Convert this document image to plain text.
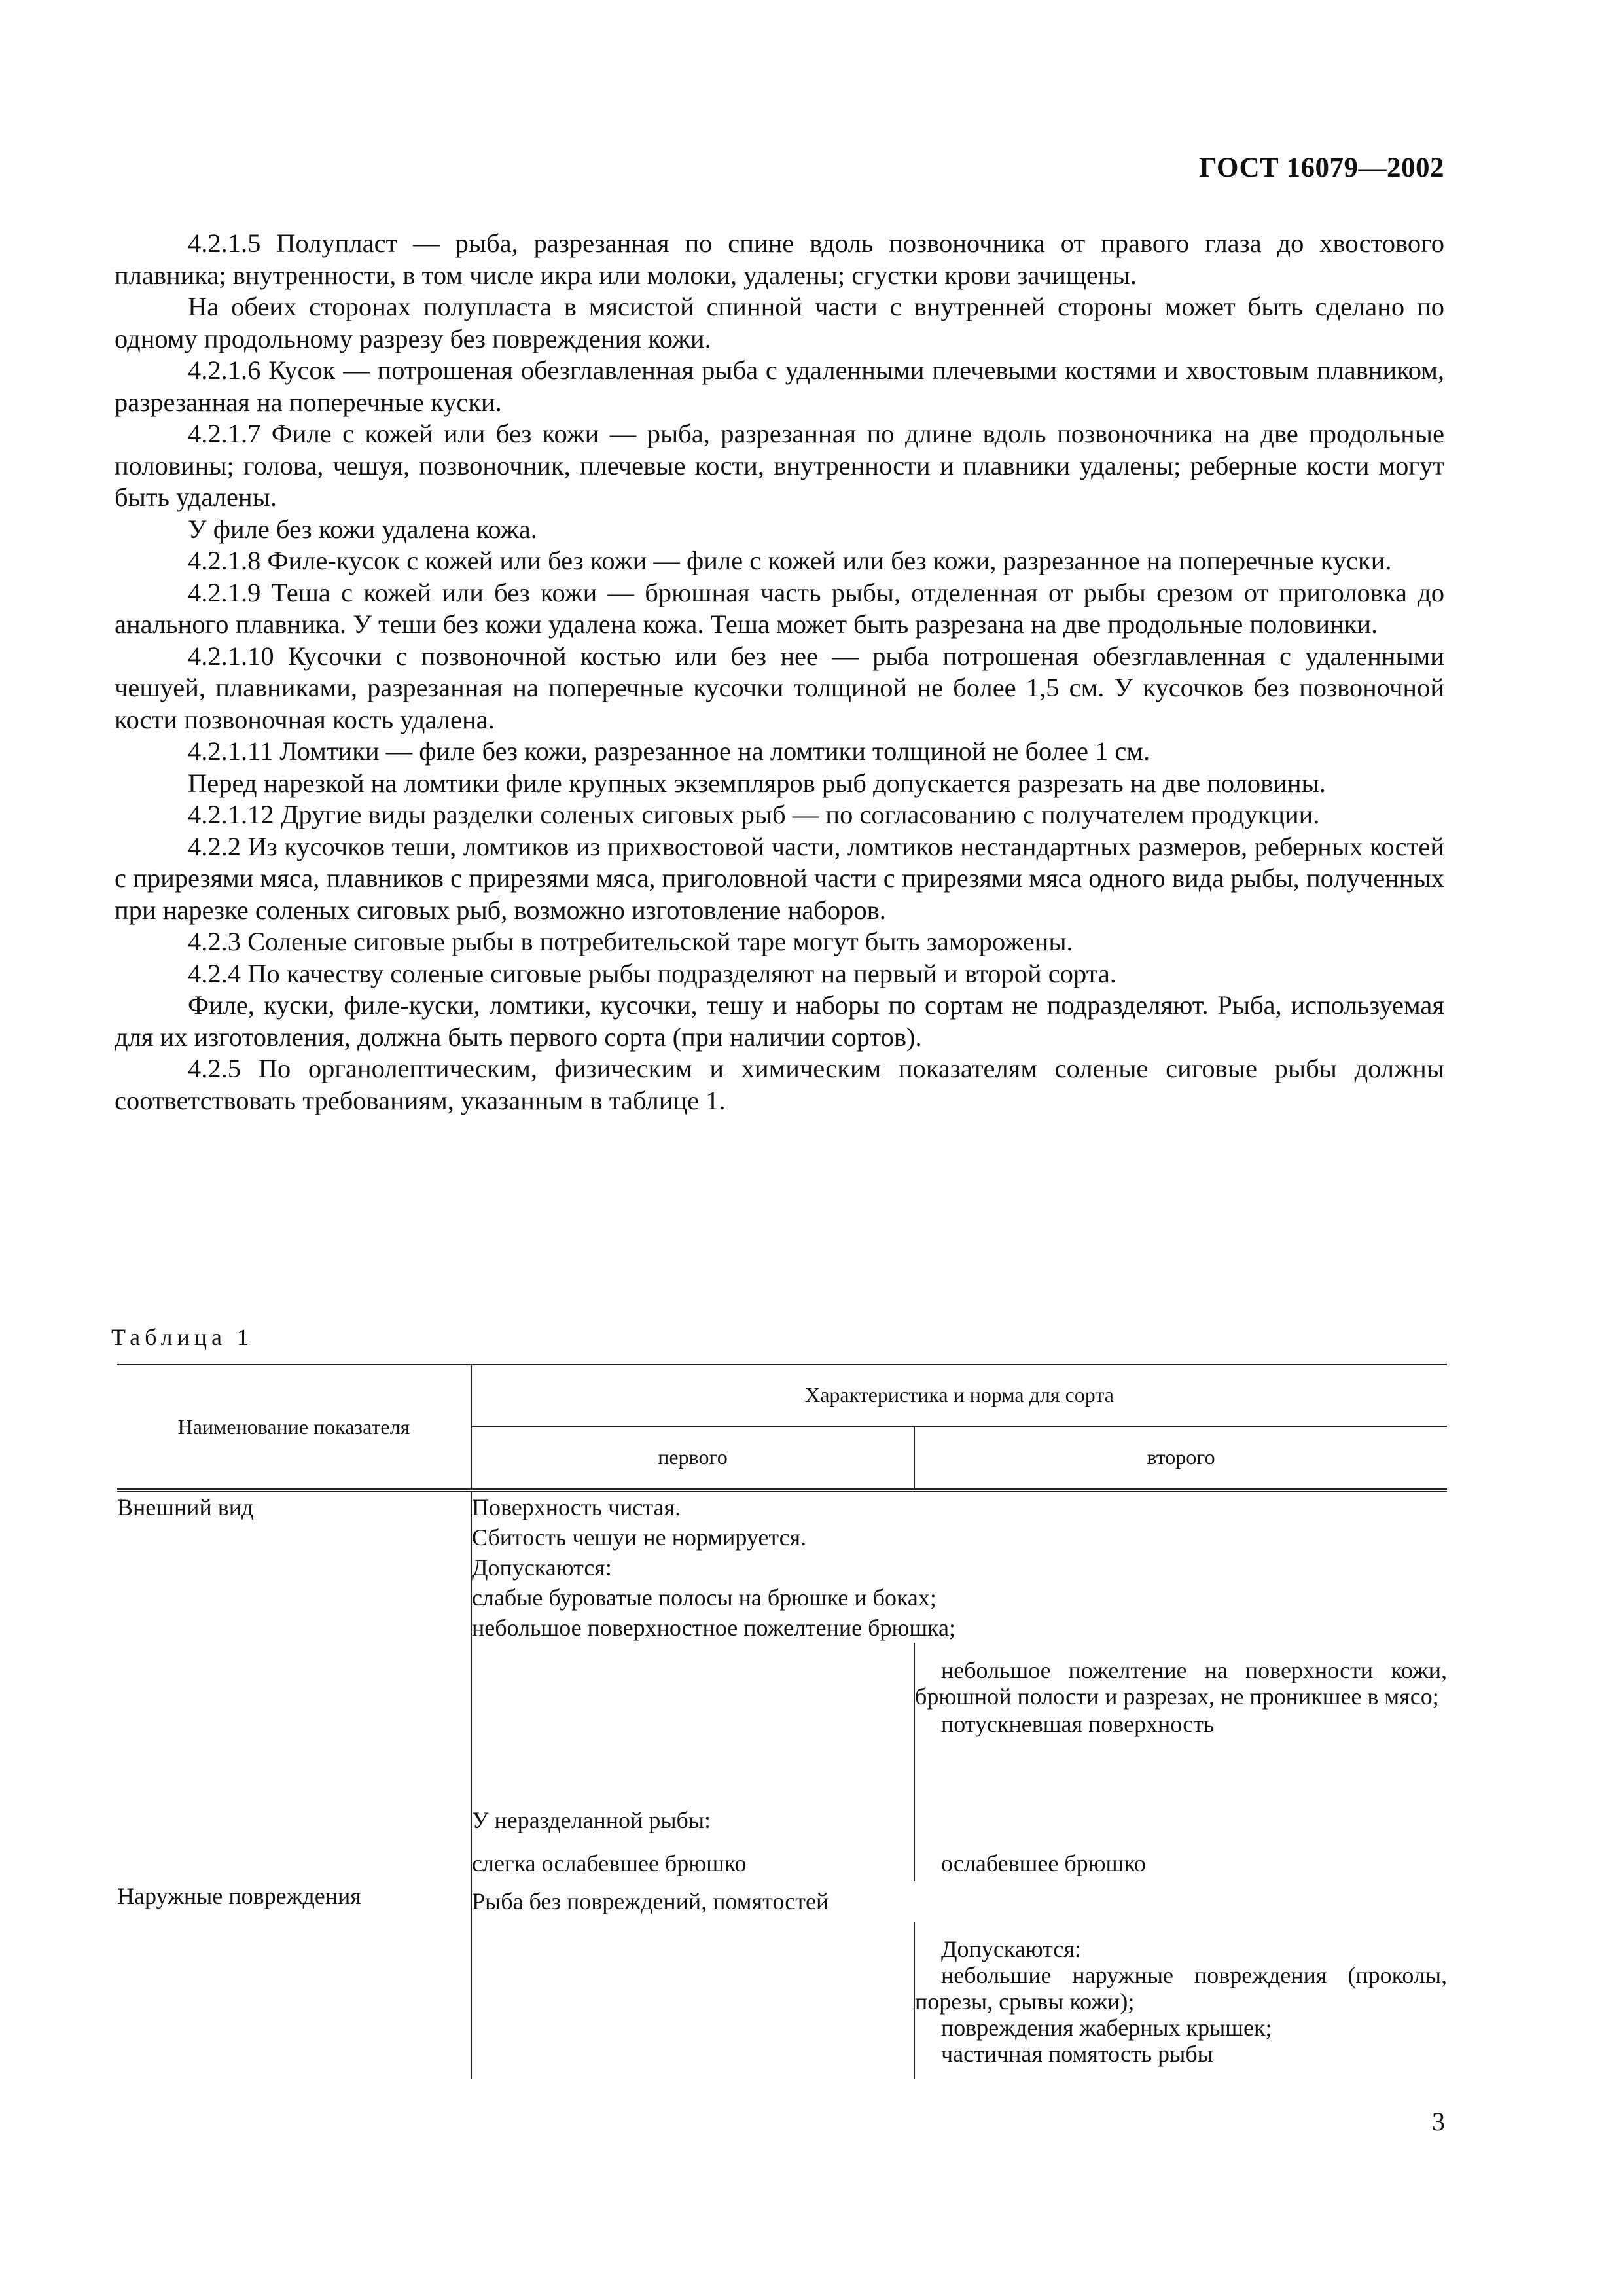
ГОСТ 16079—2002

4.2.1.5 Полупласт — рыба, разрезанная по спине вдоль позвоночника от правого глаза до хвостового плавника; внутренности, в том числе икра или молоки, удалены; сгустки крови зачищены.

На обеих сторонах полупласта в мясистой спинной части с внутренней стороны может быть сделано по одному продольному разрезу без повреждения кожи.

4.2.1.6 Кусок — потрошеная обезглавленная рыба с удаленными плечевыми костями и хвостовым плавником, разрезанная на поперечные куски.

4.2.1.7 Филе с кожей или без кожи — рыба, разрезанная по длине вдоль позвоночника на две продольные половины; голова, чешуя, позвоночник, плечевые кости, внутренности и плавники удалены; реберные кости могут быть удалены.

У филе без кожи удалена кожа.

4.2.1.8 Филе-кусок с кожей или без кожи — филе с кожей или без кожи, разрезанное на поперечные куски.

4.2.1.9 Теша с кожей или без кожи — брюшная часть рыбы, отделенная от рыбы срезом от приголовка до анального плавника. У теши без кожи удалена кожа. Теша может быть разрезана на две продольные половинки.

4.2.1.10 Кусочки с позвоночной костью или без нее — рыба потрошеная обезглавленная с удаленными чешуей, плавниками, разрезанная на поперечные кусочки толщиной не более 1,5 см. У кусочков без позвоночной кости позвоночная кость удалена.

4.2.1.11 Ломтики — филе без кожи, разрезанное на ломтики толщиной не более 1 см.

Перед нарезкой на ломтики филе крупных экземпляров рыб допускается разрезать на две половины.

4.2.1.12 Другие виды разделки соленых сиговых рыб — по согласованию с получателем продукции.

4.2.2 Из кусочков теши, ломтиков из прихвостовой части, ломтиков нестандартных размеров, реберных костей с прирезями мяса, плавников с прирезями мяса, приголовной части с прирезями мяса одного вида рыбы, полученных при нарезке соленых сиговых рыб, возможно изготовление наборов.

4.2.3 Соленые сиговые рыбы в потребительской таре могут быть заморожены.

4.2.4 По качеству соленые сиговые рыбы подразделяют на первый и второй сорта.

Филе, куски, филе-куски, ломтики, кусочки, тешу и наборы по сортам не подразделяют. Рыба, используемая для их изготовления, должна быть первого сорта (при наличии сортов).

4.2.5 По органолептическим, физическим и химическим показателям соленые сиговые рыбы должны соответствовать требованиям, указанным в таблице 1.

Таблица 1
Наименование показателя	Характеристика и норма для сорта	
	первого	второго
Внешний вид	Поверхность чистая.
Сбитость чешуи не нормируется.
Допускаются:
слабые буроватые полосы на брюшке и боках;
небольшое поверхностное пожелтение брюшка;	

		небольшое пожелтение на поверхности кожи, брюшной полости и разрезах, не проникшее в мясо;
потускневшая поверхность

	У неразделанной рыбы:	
	слегка ослабевшее брюшко	ослабевшее брюшко

Наружные повреждения	Рыба без повреждений, помятостей	

		Допускаются:
небольшие наружные повреждения (проколы, порезы, срывы кожи);
повреждения жаберных крышек;
частичная помятость рыбы
3
